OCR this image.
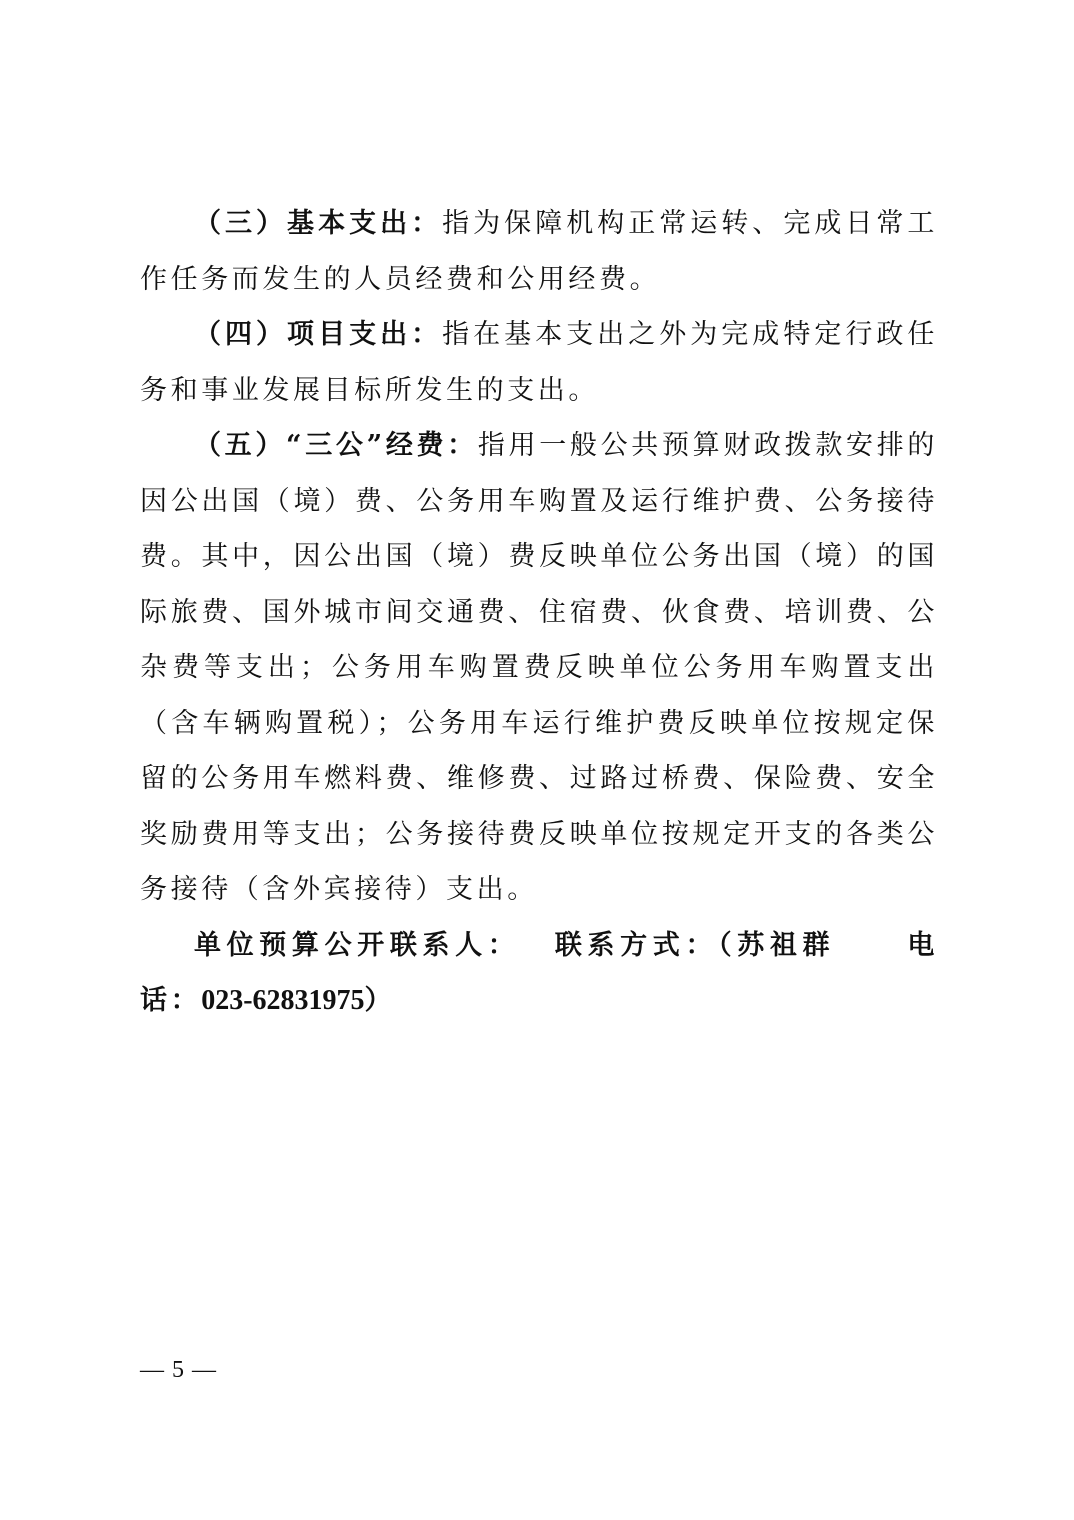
（三）基本支出：指为保障机构正常运转、完成日常工作任务而发生的人员经费和公用经费。

（四）项目支出：指在基本支出之外为完成特定行政任务和事业发展目标所发生的支出。

（五）“三公”经费：指用一般公共预算财政拨款安排的因公出国（境）费、公务用车购置及运行维护费、公务接待费。其中，因公出国（境）费反映单位公务出国（境）的国际旅费、国外城市间交通费、住宿费、伙食费、培训费、公杂费等支出；公务用车购置费反映单位公务用车购置支出（含车辆购置税）；公务用车运行维护费反映单位按规定保留的公务用车燃料费、维修费、过路过桥费、保险费、安全奖励费用等支出；公务接待费反映单位按规定开支的各类公务接待（含外宾接待）支出。

单位预算公开联系人： 联系方式：（苏祖群	电话：023-62831975）

— 5 —
